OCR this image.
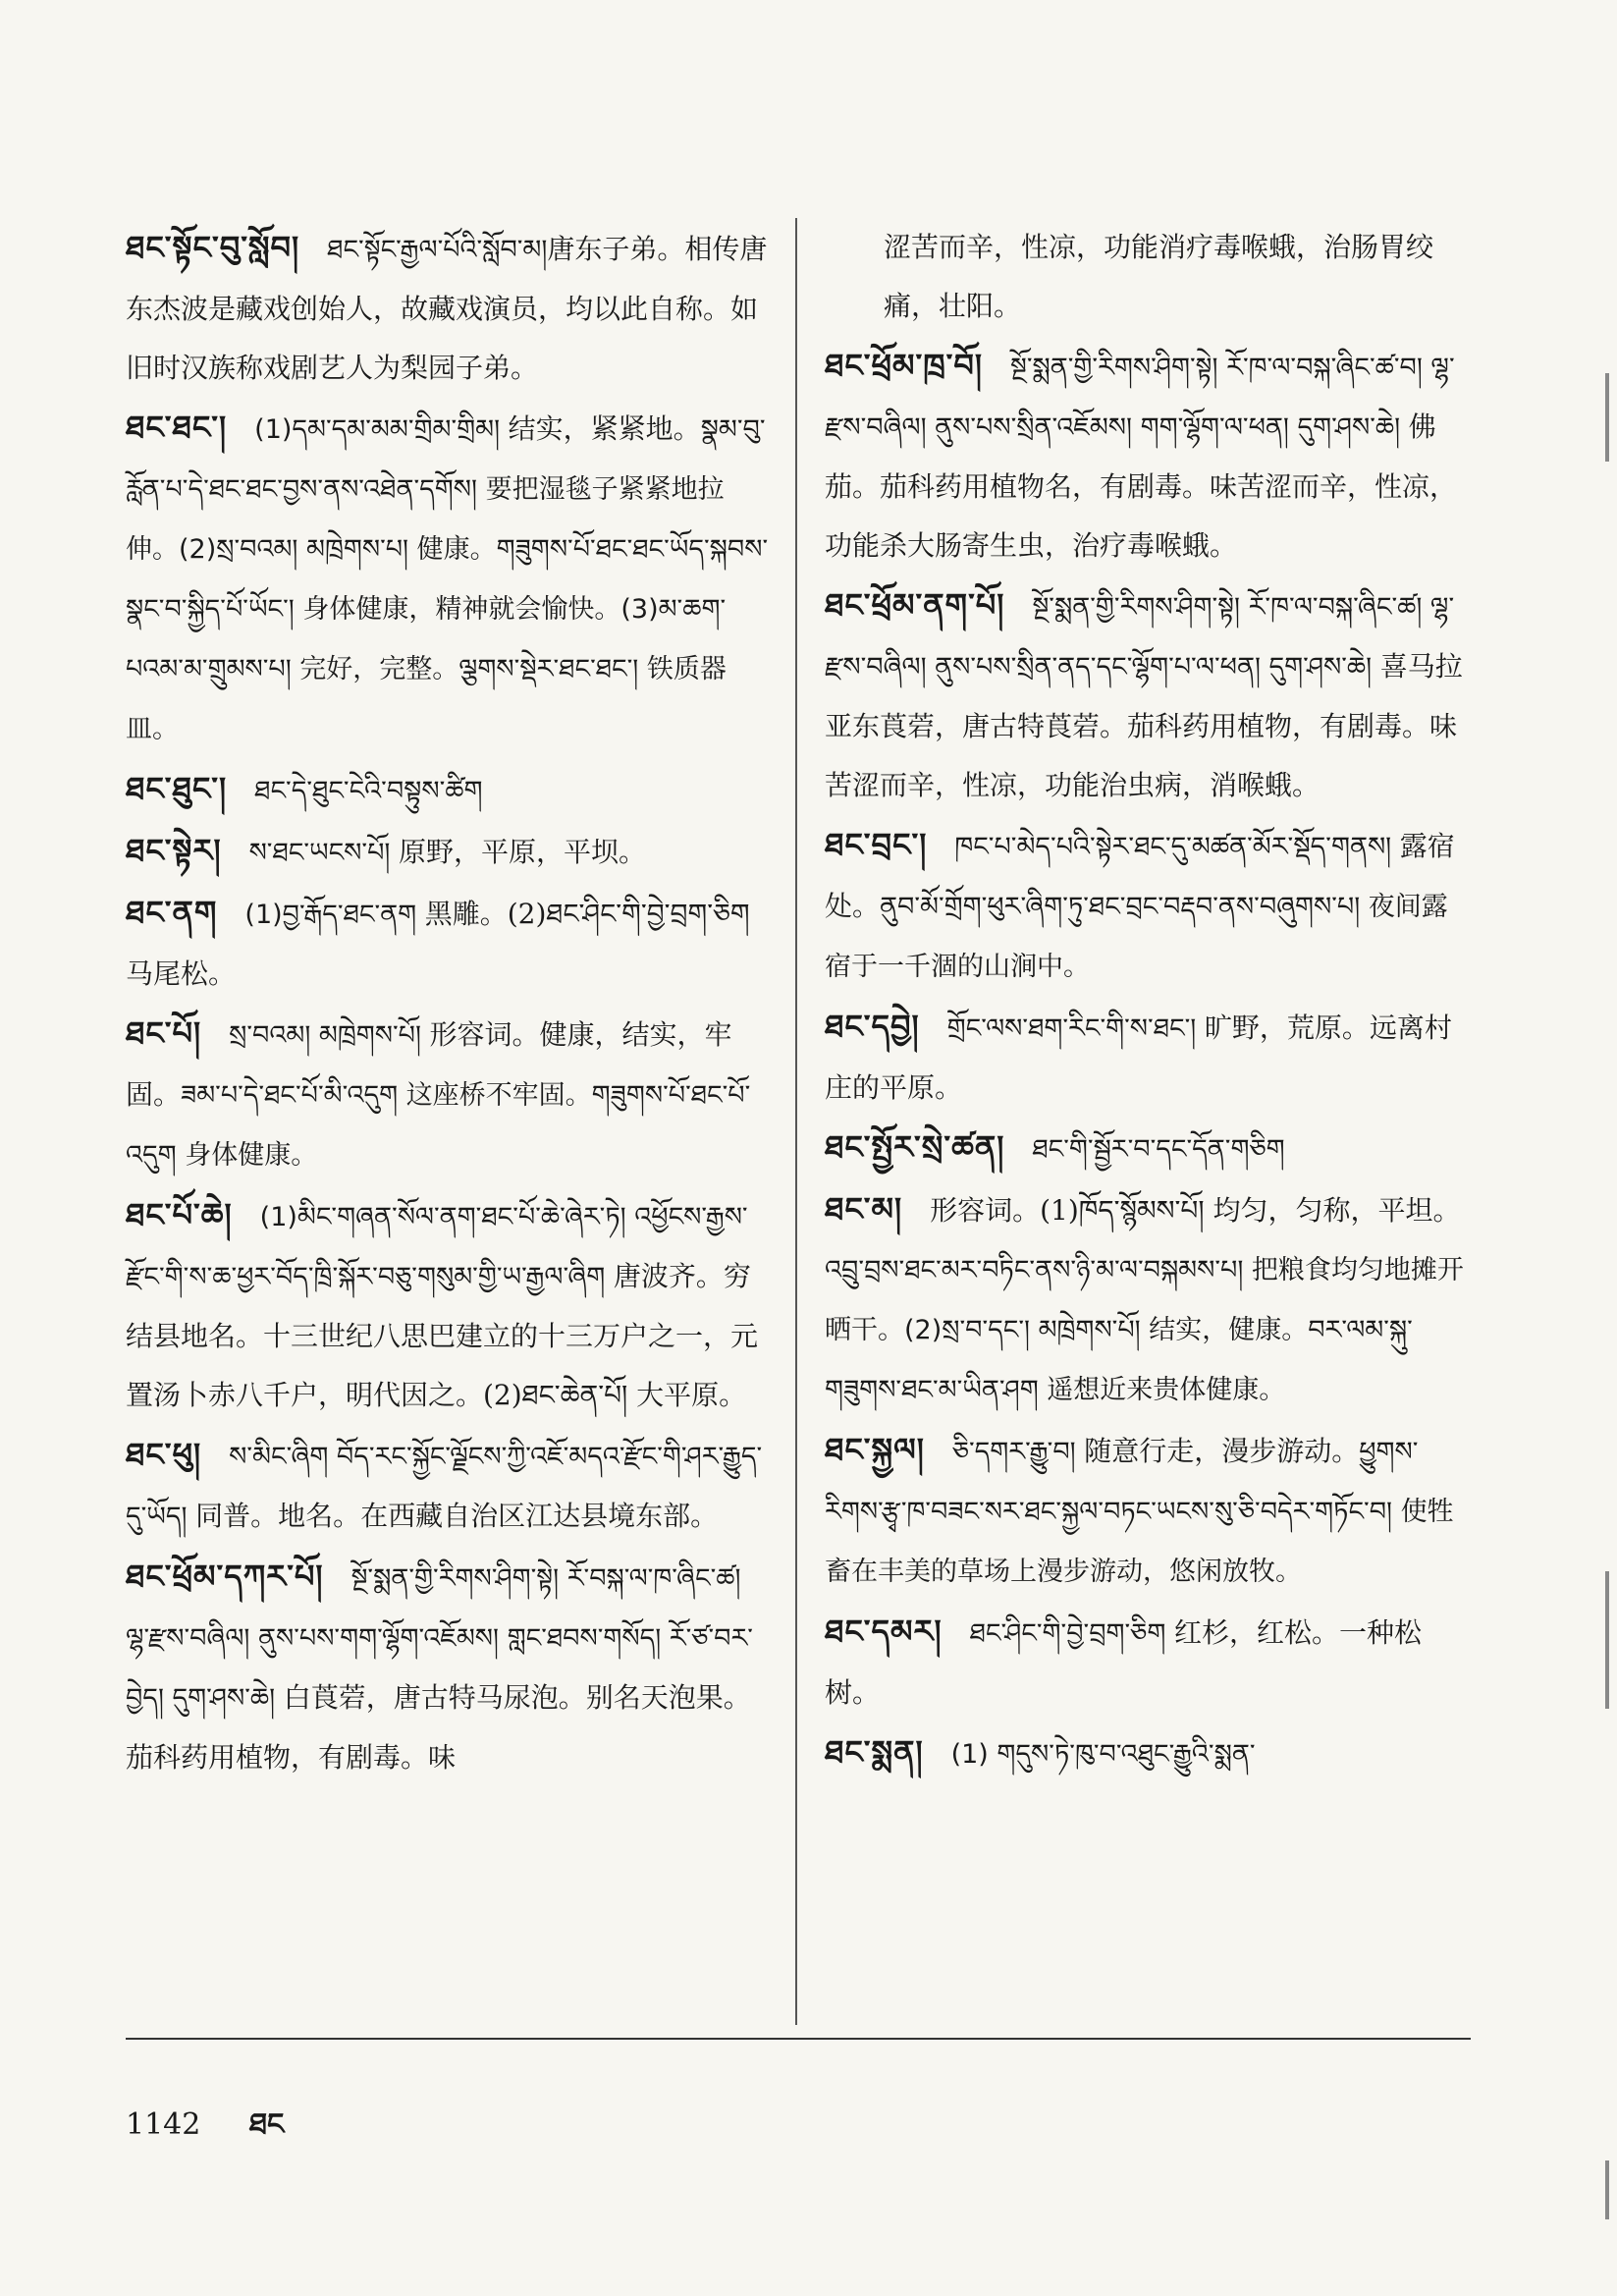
ཐང་སྟོང་བུ་སློབ།　 ཐང་སྟོང་རྒྱལ་པོའི་སློབ་མ།唐东子弟。相传唐东杰波是藏戏创始人，故藏戏演员，均以此自称。如旧时汉族称戏剧艺人为梨园子弟。

ཐང་ཐང་།　 (1)དམ་དམ་མམ་གྲིམ་གྲིམ། 结实，紧紧地。སྣམ་བུ་རློན་པ་དེ་ཐང་ཐང་བྱས་ནས་འཐེན་དགོས། 要把湿毯子紧紧地拉伸。(2)སྲ་བའམ། མཁྲེགས་པ། 健康。གཟུགས་པོ་ཐང་ཐང་ཡོད་སྐབས་སྣང་བ་སྐྱིད་པོ་ཡོང་། 身体健康，精神就会愉快。(3)མ་ཆག་པའམ་མ་གྲུམས་པ། 完好，完整。ལྕགས་སྡེར་ཐང་ཐང་། 铁质器皿。

ཐང་ཐུང་།　 ཐང་དེ་ཐུང་ངེའི་བསྟུས་ཚིག

ཐང་སྟེར།　 ས་ཐང་ཡངས་པོ། 原野，平原，平坝。

ཐང་ནག　 (1)བྱ་རྒོད་ཐང་ནག 黑雕。(2)ཐང་ཤིང་གི་བྱེ་བྲག་ཅིག 马尾松。

ཐང་པོ།　 སྲ་བའམ། མཁྲེགས་པོ། 形容词。健康，结实，牢固。ཟམ་པ་དེ་ཐང་པོ་མི་འདུག 这座桥不牢固。གཟུགས་པོ་ཐང་པོ་འདུག 身体健康。

ཐང་པོ་ཆེ།　 (1)མིང་གཞན་སོལ་ནག་ཐང་པོ་ཆེ་ཞེར་ཏེ། འཕྱོངས་རྒྱས་རྫོང་གི་ས་ཆ་ཕྱར་བོད་ཁྲི་སྐོར་བཅུ་གསུམ་གྱི་ཡ་རྒྱལ་ཞིག 唐波齐。穷结县地名。十三世纪八思巴建立的十三万户之一，元置汤卜赤八千户，明代因之。(2)ཐང་ཆེན་པོ། 大平原。

ཐང་ཕུ།　 ས་མིང་ཞིག བོད་རང་སྐྱོང་ལྗོངས་ཀྱི་འཇོ་མདའ་རྫོང་གི་ཤར་རྒྱུད་དུ་ཡོད། 同普。地名。在西藏自治区江达县境东部。

ཐང་ཕྲོམ་དཀར་པོ།　 སྔོ་སྨན་གྱི་རིགས་ཤིག་སྟེ། རོ་བསྐ་ལ་ཁ་ཞིང་ཚ། ལྷ་རྫས་བཞིལ། ནུས་པས་གག་ལྷོག་འཇོམས། གླང་ཐབས་གསོད། རོ་ཙ་བར་བྱེད། དུག་ཤས་ཆེ། 白莨菪，唐古特马尿泡。别名天泡果。茄科药用植物，有剧毒。味

涩苦而辛，性凉，功能消疗毒喉蛾，治肠胃绞痛，壮阳。

ཐང་ཕྲོམ་ཁྲ་བོ།　 སྔོ་སྨན་གྱི་རིགས་ཤིག་སྟེ། རོ་ཁ་ལ་བསྐ་ཞིང་ཚ་བ། ལྷ་རྫས་བཞིལ། ནུས་པས་སྲིན་འཇོམས། གག་ལྷོག་ལ་ཕན། དུག་ཤས་ཆེ། 佛茄。茄科药用植物名，有剧毒。味苦涩而辛，性凉，功能杀大肠寄生虫，治疗毒喉蛾。

ཐང་ཕྲོམ་ནག་པོ།　 སྔོ་སྨན་གྱི་རིགས་ཤིག་སྟེ། རོ་ཁ་ལ་བསྐ་ཞིང་ཚ། ལྷ་རྫས་བཞིལ། ནུས་པས་སྲིན་ནད་དང་ལྷོག་པ་ལ་ཕན། དུག་ཤས་ཆེ། 喜马拉亚东莨菪，唐古特莨菪。茄科药用植物，有剧毒。味苦涩而辛，性凉，功能治虫病，消喉蛾。

ཐང་བྲང་།　 ཁང་པ་མེད་པའི་སྟེར་ཐང་དུ་མཚན་མོར་སྡོད་གནས། 露宿处。ནུབ་མོ་གྲོག་ཕུར་ཞིག་ཏུ་ཐང་བྲང་བརྡབ་ནས་བཞུགས་པ། 夜间露宿于一千涸的山涧中。

ཐང་དབྱེ།　 གྲོང་ལས་ཐག་རིང་གི་ས་ཐང་། 旷野，荒原。远离村庄的平原。

ཐང་སྤྱོར་སྲེ་ཚན།　 ཐང་གི་སྦྱོར་བ་དང་དོན་གཅིག

ཐང་མ།　 形容词。(1)ཁོད་སྙོམས་པོ། 均匀，匀称，平坦。འབྲུ་བྲས་ཐང་མར་བཏིང་ནས་ཉི་མ་ལ་བསྐམས་པ། 把粮食均匀地摊开晒干。(2)སྲ་བ་དང་། མཁྲེགས་པོ། 结实，健康。བར་ལམ་སྐུ་གཟུགས་ཐང་མ་ཡིན་ཤག 遥想近来贵体健康。

ཐང་སྐྱལ།　 ཅི་དགར་རྒྱུ་བ། 随意行走，漫步游动。ཕྱུགས་རིགས་རྩྭ་ཁ་བཟང་སར་ཐང་སྐྱལ་བཏང་ཡངས་སུ་ཅི་བདེར་གཏོང་བ། 使牲畜在丰美的草场上漫步游动，悠闲放牧。

ཐང་དམར།　 ཐང་ཤིང་གི་བྱེ་བྲག་ཅིག 红杉，红松。一种松树。

ཐང་སྨན།　 (1) གདུས་ཏེ་ཁུ་བ་འཐུང་རྒྱུའི་སྨན་

1142 ཐང
